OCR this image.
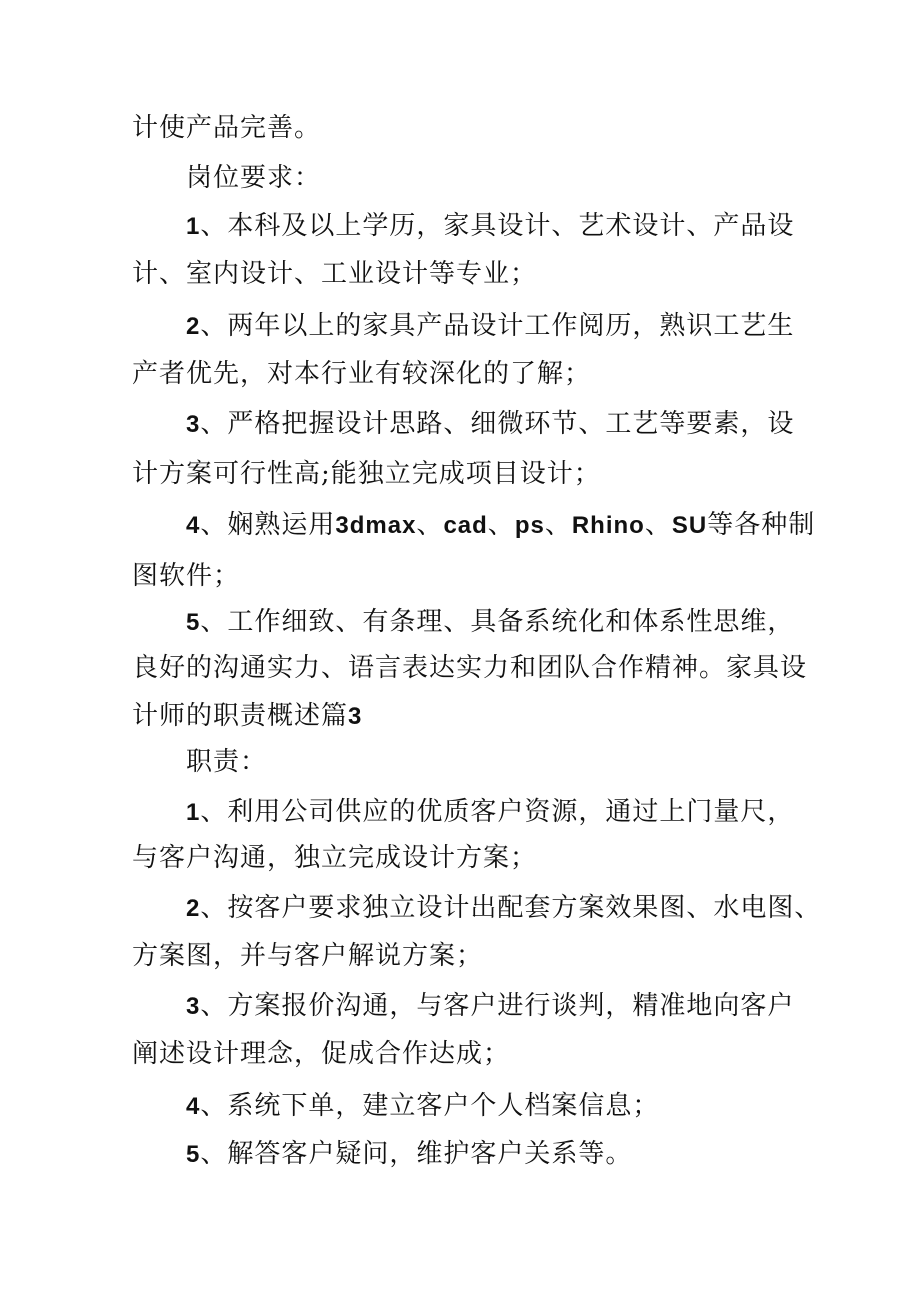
计使产品完善。
岗位要求：
1、本科及以上学历，家具设计、艺术设计、产品设
计、室内设计、工业设计等专业；
2、两年以上的家具产品设计工作阅历，熟识工艺生
产者优先，对本行业有较深化的了解；
3、严格把握设计思路、细微环节、工艺等要素，设
计方案可行性高;能独立完成项目设计；
4、娴熟运用3dmax、cad、ps、Rhino、SU等各种制
图软件；
5、工作细致、有条理、具备系统化和体系性思维，
良好的沟通实力、语言表达实力和团队合作精神。家具设
计师的职责概述篇3
职责：
1、利用公司供应的优质客户资源，通过上门量尺，
与客户沟通，独立完成设计方案；
2、按客户要求独立设计出配套方案效果图、水电图、
方案图，并与客户解说方案；
3、方案报价沟通，与客户进行谈判，精准地向客户
阐述设计理念，促成合作达成；
4、系统下单，建立客户个人档案信息；
5、解答客户疑问，维护客户关系等。
